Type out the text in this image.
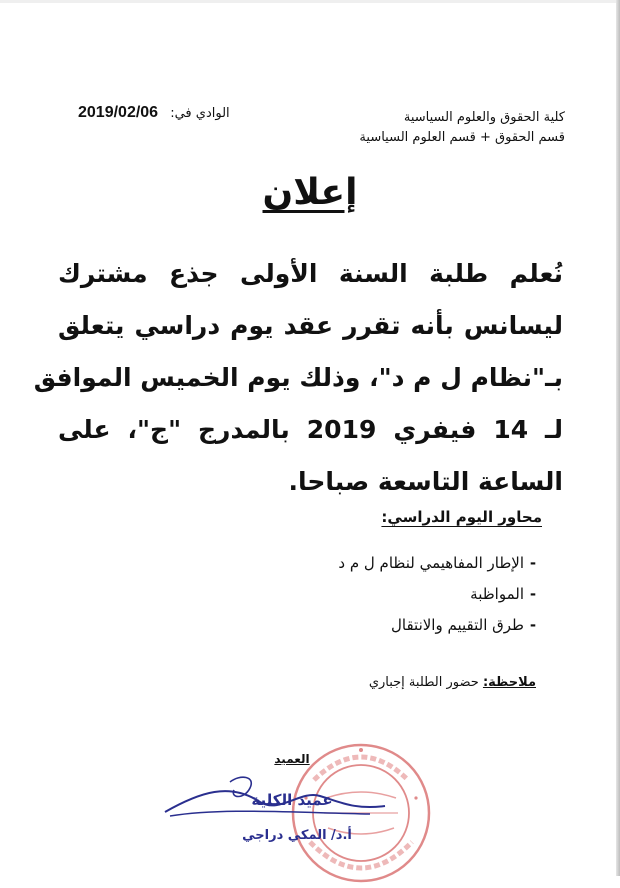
كلية الحقوق والعلوم السياسية
قسم الحقوق + قسم العلوم السياسية
2019/02/06 الوادي في:
إعلان
نُعلم طلبة السنة الأولى جذع مشترك
ليسانس بأنه تقرر عقد يوم دراسي يتعلق
بـ"نظام ل م د"، وذلك يوم الخميس الموافق
لـ 14 فيفري 2019 بالمدرج "ج"، على
الساعة التاسعة صباحا.
محاور اليوم الدراسي:
-الإطار المفاهيمي لنظام ل م د
-المواظبة
-طرق التقييم والانتقال
ملاحظة: حضور الطلبة إجباري
العميد
عميد الكلية
أ.د/ المكي دراجي
